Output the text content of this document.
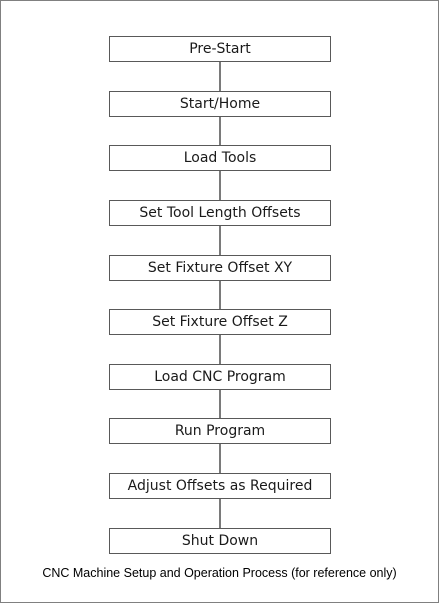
Pre-Start
Start/Home
Load Tools
Set Tool Length Offsets
Set Fixture Offset XY
Set Fixture Offset Z
Load CNC Program
Run Program
Adjust Offsets as Required
Shut Down
CNC Machine Setup and Operation Process (for reference only)
